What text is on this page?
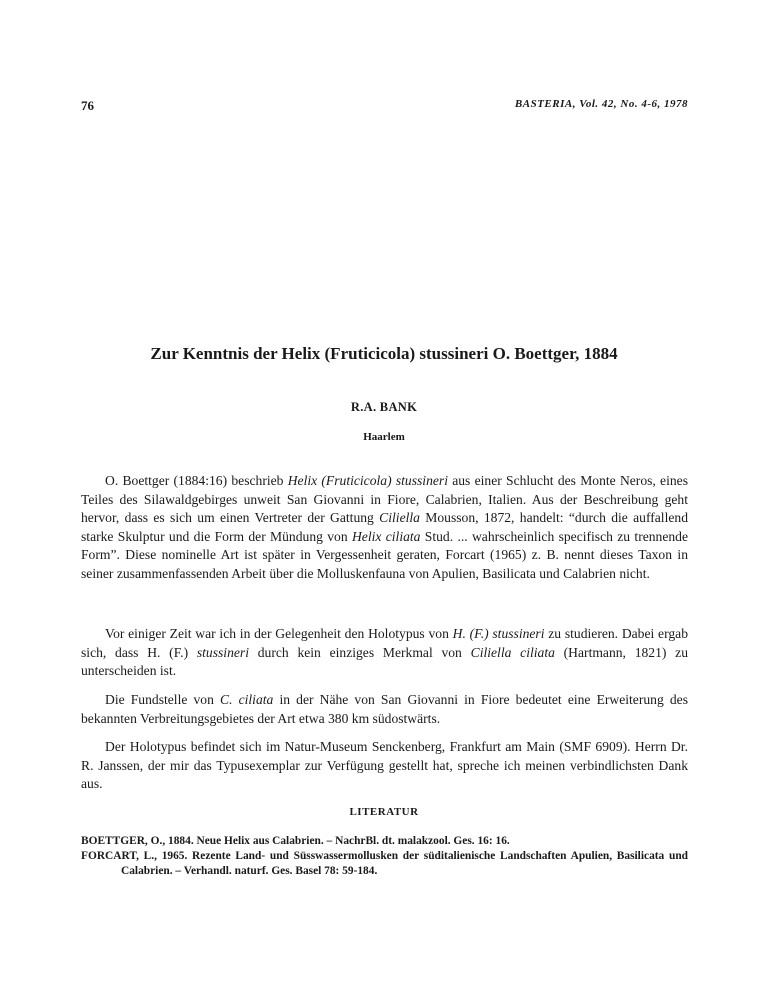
76	BASTERIA, Vol. 42, No. 4-6, 1978
Zur Kenntnis der Helix (Fruticicola) stussineri O. Boettger, 1884
R.A. BANK
Haarlem

O. Boettger (1884:16) beschrieb Helix (Fruticicola) stussineri aus einer Schlucht des Monte Neros, eines Teiles des Silawaldgebirges unweit San Giovanni in Fiore, Calabrien, Italien. Aus der Beschreibung geht hervor, dass es sich um einen Vertreter der Gattung Ciliella Mousson, 1872, handelt: “durch die auffallend starke Skulptur und die Form der Mündung von Helix ciliata Stud. ... wahrscheinlich specifisch zu trennende Form”. Diese nominelle Art ist später in Vergessenheit geraten, Forcart (1965) z. B. nennt dieses Taxon in seiner zusammenfassenden Arbeit über die Molluskenfauna von Apulien, Basilicata und Calabrien nicht.

Vor einiger Zeit war ich in der Gelegenheit den Holotypus von H. (F.) stussineri zu studieren. Dabei ergab sich, dass H. (F.) stussineri durch kein einziges Merkmal von Ciliella ciliata (Hartmann, 1821) zu unterscheiden ist.

Die Fundstelle von C. ciliata in der Nähe von San Giovanni in Fiore bedeutet eine Erweiterung des bekannten Verbreitungsgebietes der Art etwa 380 km südostwärts.

Der Holotypus befindet sich im Natur-Museum Senckenberg, Frankfurt am Main (SMF 6909). Herrn Dr. R. Janssen, der mir das Typusexemplar zur Verfügung gestellt hat, spreche ich meinen verbindlichsten Dank aus.

LITERATUR

BOETTGER, O., 1884. Neue Helix aus Calabrien. – NachrBl. dt. malakzool. Ges. 16: 16.

FORCART, L., 1965. Rezente Land- und Süsswassermollusken der süditalienische Landschaften Apulien, Basilicata und Calabrien. – Verhandl. naturf. Ges. Basel 78: 59-184.
